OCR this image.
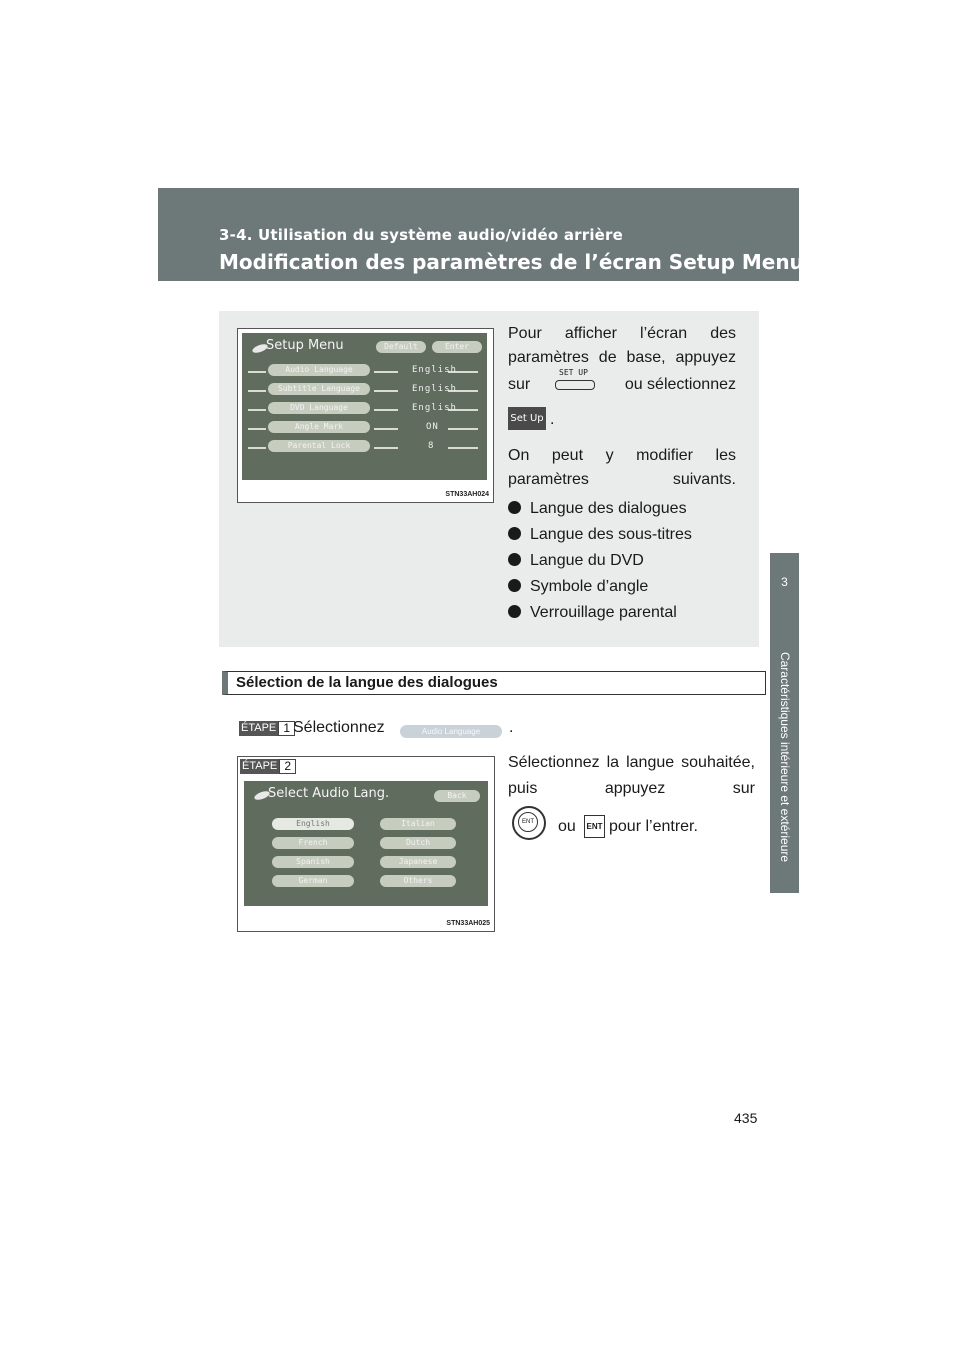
3-4. Utilisation du système audio/vidéo arrière
Modification des paramètres de l’écran Setup Menu
3
Caractéristiques intérieure et extérieure
Setup Menu	Default	Enter
Audio Language	English
Subtitle Language	English
DVD Language	English
Angle Mark	ON
Parental Lock	8
STN33AH024
Pour afficher l’écran des paramètres de base, appuyez
sur
SET UP
ou sélectionnez
Set Up .
On peut y modifier les paramètres suivants.
Langue des dialogues
Langue des sous-titres
Langue du DVD
Symbole d’angle
Verrouillage parental
Sélection de la langue des dialogues
ÉTAPE 1 Sélectionnez	Audio Language	.
ÉTAPE 2
Select Audio Lang.	Back
English	Italian
French	Dutch
Spanish	Japanese
German	Others
STN33AH025
Sélectionnez la langue souhaitée, puis appuyez sur
ENT ou	ENT pour l’entrer.
435
